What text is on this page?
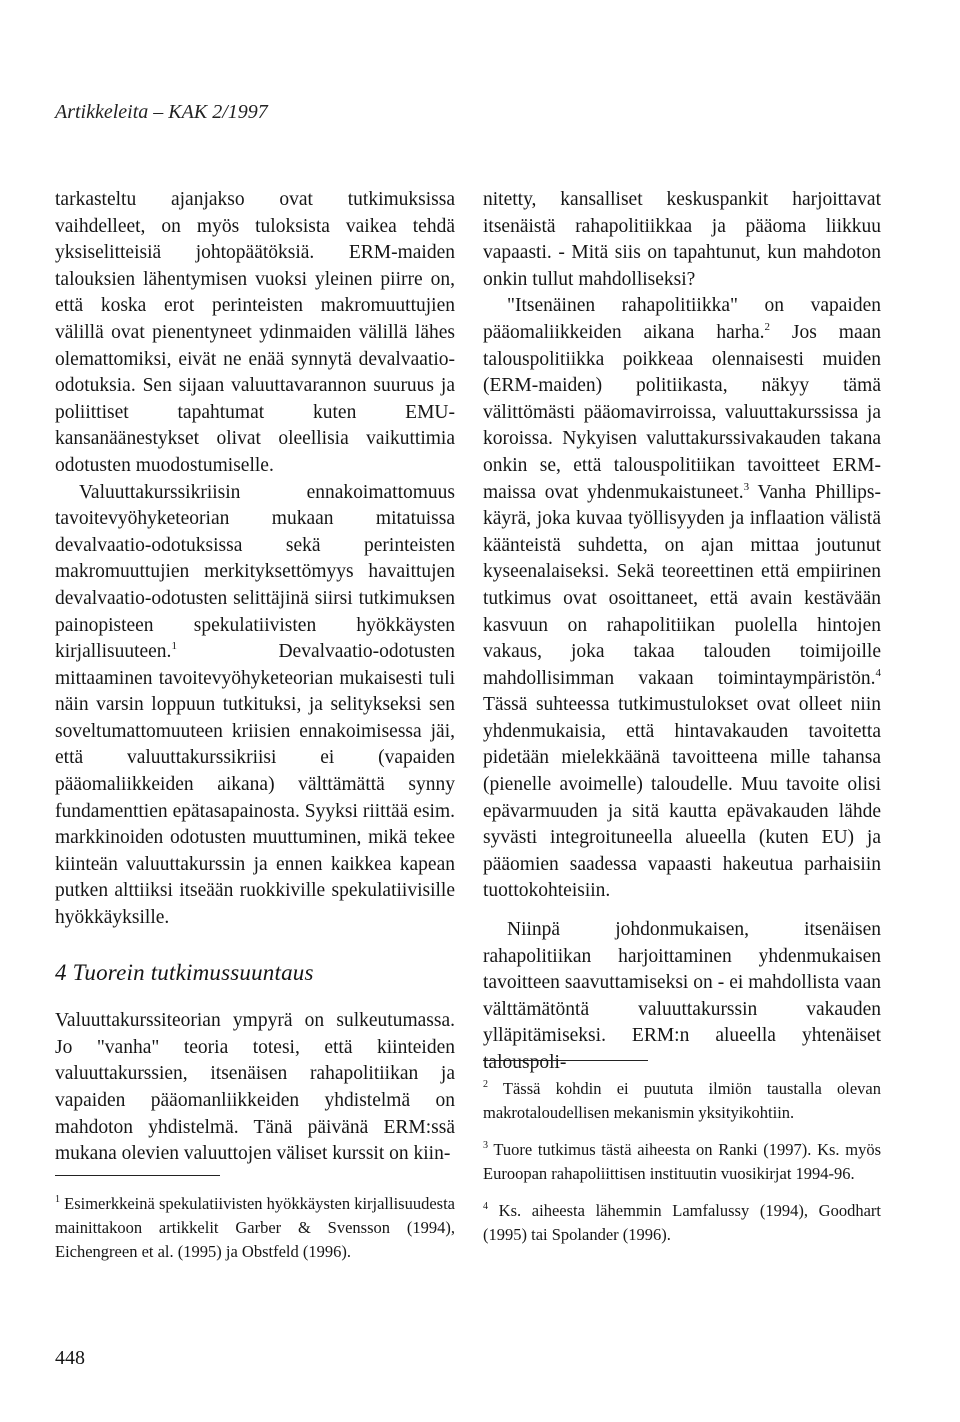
Artikkeleita – KAK 2/1997

tarkasteltu ajanjakso ovat tutkimuksissa vaihdelleet, on myös tuloksista vaikea tehdä yksiselitteisiä johtopäätöksiä. ERM-maiden talouksien lähentymisen vuoksi yleinen piirre on, että koska erot perinteisten makromuuttujien välillä ovat pienentyneet ydinmaiden välillä lähes olemattomiksi, eivät ne enää synnytä devalvaatio-odotuksia. Sen sijaan valuuttavarannon suuruus ja poliittiset tapahtumat kuten EMU-kansanäänestykset olivat oleellisia vaikuttimia odotusten muodostumiselle.

Valuuttakurssikriisin ennakoimattomuus tavoitevyöhyketeorian mukaan mitatuissa devalvaatio-odotuksissa sekä perinteisten makromuuttujien merkityksettömyys havaittujen devalvaatio-odotusten selittäjinä siirsi tutkimuksen painopisteen spekulatiivisten hyökkäysten kirjallisuuteen.$^1$ Devalvaatio-odotusten mittaaminen tavoitevyöhyketeorian mukaisesti tuli näin varsin loppuun tutkituksi, ja selitykseksi sen soveltumattomuuteen kriisien ennakoimisessa jäi, että valuuttakurssikriisi ei (vapaiden pääomaliikkeiden aikana) välttämättä synny fundamenttien epätasapainosta. Syyksi riittää esim. markkinoiden odotusten muuttuminen, mikä tekee kiinteän valuuttakurssin ja ennen kaikkea kapean putken alttiiksi itseään ruokkiville spekulatiivisille hyökkäyksille.

4 Tuorein tutkimussuuntaus

Valuuttakurssiteorian ympyrä on sulkeutumassa. Jo "vanha" teoria totesi, että kiinteiden valuuttakurssien, itsenäisen rahapolitiikan ja vapaiden pääomanliikkeiden yhdistelmä on mahdoton yhdistelmä. Tänä päivänä ERM:ssä mukana olevien valuuttojen väliset kurssit on kiin-

nitetty, kansalliset keskuspankit harjoittavat itsenäistä rahapolitiikkaa ja pääoma liikkuu vapaasti. - Mitä siis on tapahtunut, kun mahdoton onkin tullut mahdolliseksi?

"Itsenäinen rahapolitiikka" on vapaiden pääomaliikkeiden aikana harha.$^2$ Jos maan talouspolitiikka poikkeaa olennaisesti muiden (ERM-maiden) politiikasta, näkyy tämä välittömästi pääomavirroissa, valuuttakurssissa ja koroissa. Nykyisen valuttakurssivakauden takana onkin se, että talouspolitiikan tavoitteet ERM-maissa ovat yhdenmukaistuneet.$^3$ Vanha Phillips-käyrä, joka kuvaa työllisyyden ja inflaation välistä käänteistä suhdetta, on ajan mittaa joutunut kyseenalaiseksi. Sekä teoreettinen että empiirinen tutkimus ovat osoittaneet, että avain kestävään kasvuun on rahapolitiikan puolella hintojen vakaus, joka takaa talouden toimijoille mahdollisimman vakaan toimintaympäristön.$^4$ Tässä suhteessa tutkimustulokset ovat olleet niin yhdenmukaisia, että hintavakauden tavoitetta pidetään mielekkäänä tavoitteena mille tahansa (pienelle avoimelle) taloudelle. Muu tavoite olisi epävarmuuden ja sitä kautta epävakauden lähde syvästi integroituneella alueella (kuten EU) ja pääomien saadessa vapaasti hakeutua parhaisiin tuottokohteisiin.

Niinpä johdonmukaisen, itsenäisen rahapolitiikan harjoittaminen yhdenmukaisen tavoitteen saavuttamiseksi on - ei mahdollista vaan välttämätöntä valuuttakurssin vakauden ylläpitämiseksi. ERM:n alueella yhtenäiset talouspoli-

$^1$ Esimerkkeinä spekulatiivisten hyökkäysten kirjallisuudesta mainittakoon artikkelit Garber & Svensson (1994), Eichengreen et al. (1995) ja Obstfeld (1996).

$^2$ Tässä kohdin ei puututa ilmiön taustalla olevan makrotaloudellisen mekanismin yksityikohtiin.

$^3$ Tuore tutkimus tästä aiheesta on Ranki (1997). Ks. myös Euroopan rahapoliittisen instituutin vuosikirjat 1994-96.

$^4$ Ks. aiheesta lähemmin Lamfalussy (1994), Goodhart (1995) tai Spolander (1996).

448
